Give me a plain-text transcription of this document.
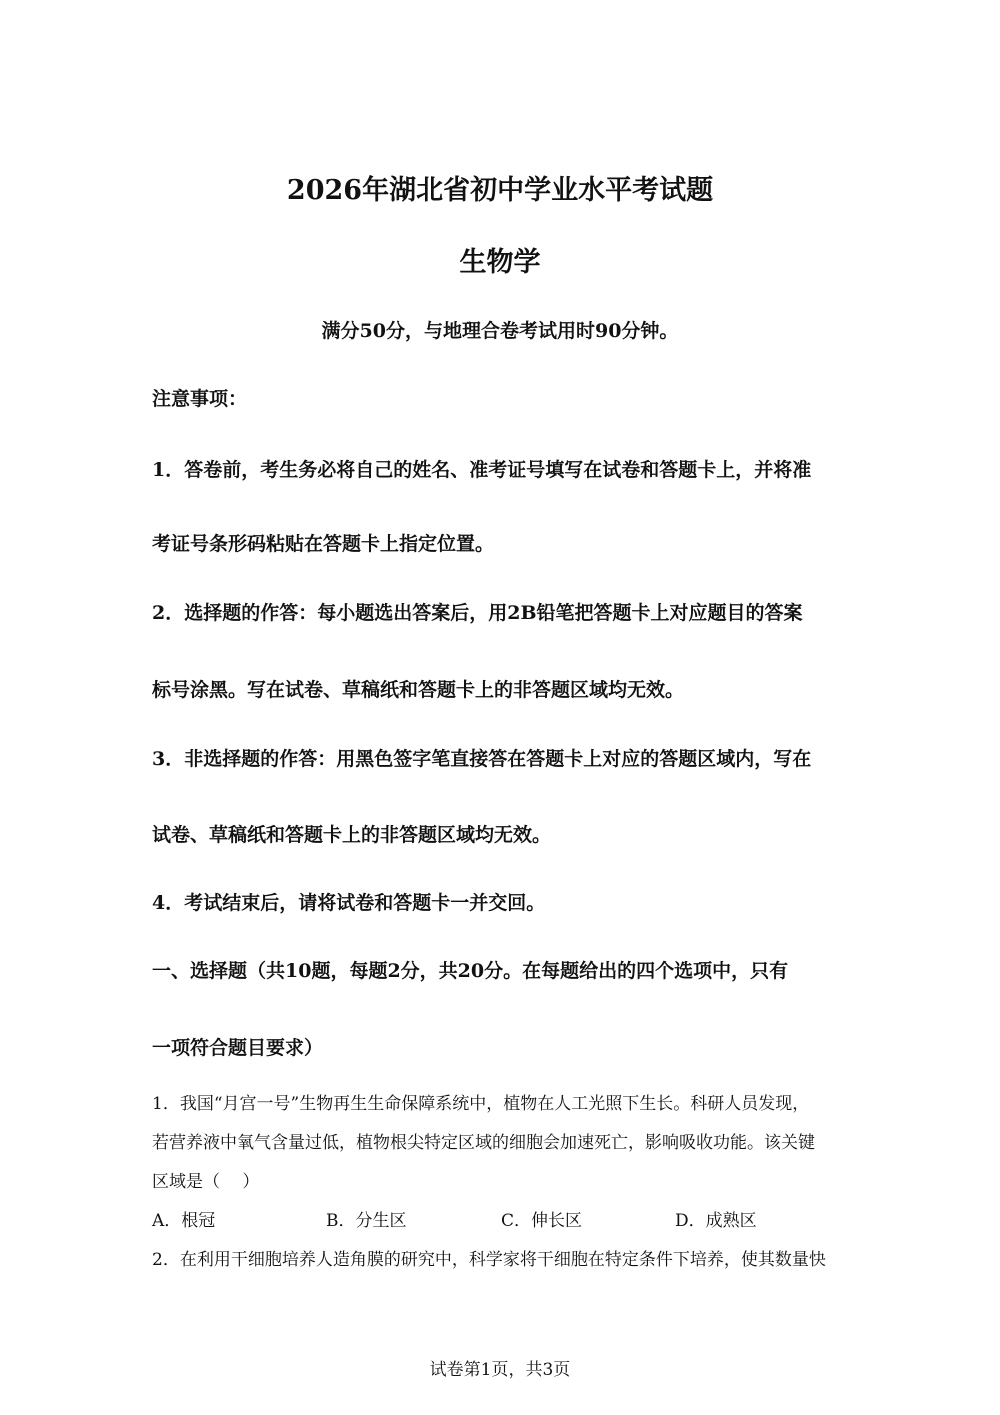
2026年湖北省初中学业水平考试题
生物学
满分50分，与地理合卷考试用时90分钟。
注意事项：
1．答卷前，考生务必将自己的姓名、准考证号填写在试卷和答题卡上，并将准
考证号条形码粘贴在答题卡上指定位置。
2．选择题的作答：每小题选出答案后，用2B铅笔把答题卡上对应题目的答案
标号涂黑。写在试卷、草稿纸和答题卡上的非答题区域均无效。
3．非选择题的作答：用黑色签字笔直接答在答题卡上对应的答题区域内，写在
试卷、草稿纸和答题卡上的非答题区域均无效。
4．考试结束后，请将试卷和答题卡一并交回。
一、选择题（共10题，每题2分，共20分。在每题给出的四个选项中，只有
一项符合题目要求）
1．我国“月宫一号”生物再生生命保障系统中，植物在人工光照下生长。科研人员发现，
若营养液中氧气含量过低，植物根尖特定区域的细胞会加速死亡，影响吸收功能。该关键
区域是（　 ）
A．根冠	B．分生区	C．伸长区	D．成熟区
2．在利用干细胞培养人造角膜的研究中，科学家将干细胞在特定条件下培养，使其数量快
试卷第1页，共3页
